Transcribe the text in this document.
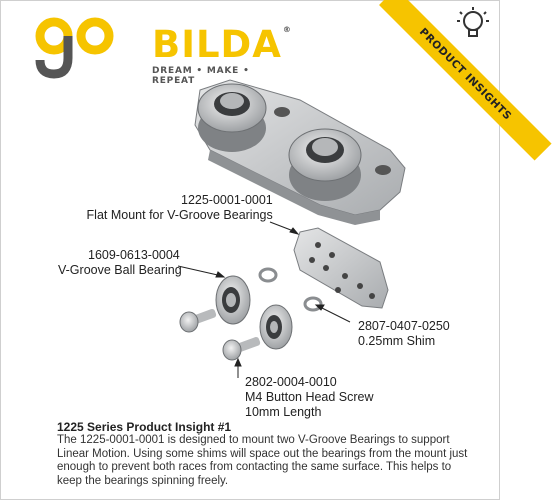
BILDA®
DREAM • MAKE • REPEAT	PRODUCT INSIGHTS
1225-0001-0001
Flat Mount for V-Groove Bearings
1609-0613-0004
V-Groove Ball Bearing
2807-0407-0250
0.25mm Shim
2802-0004-0010
M4 Button Head Screw
10mm Length
1225 Series Product Insight #1
The 1225-0001-0001 is designed to mount two V-Groove Bearings to support Linear Motion. Using some shims will space out the bearings from the mount just enough to prevent both races from contacting the same surface. This helps to keep the bearings spinning freely.
